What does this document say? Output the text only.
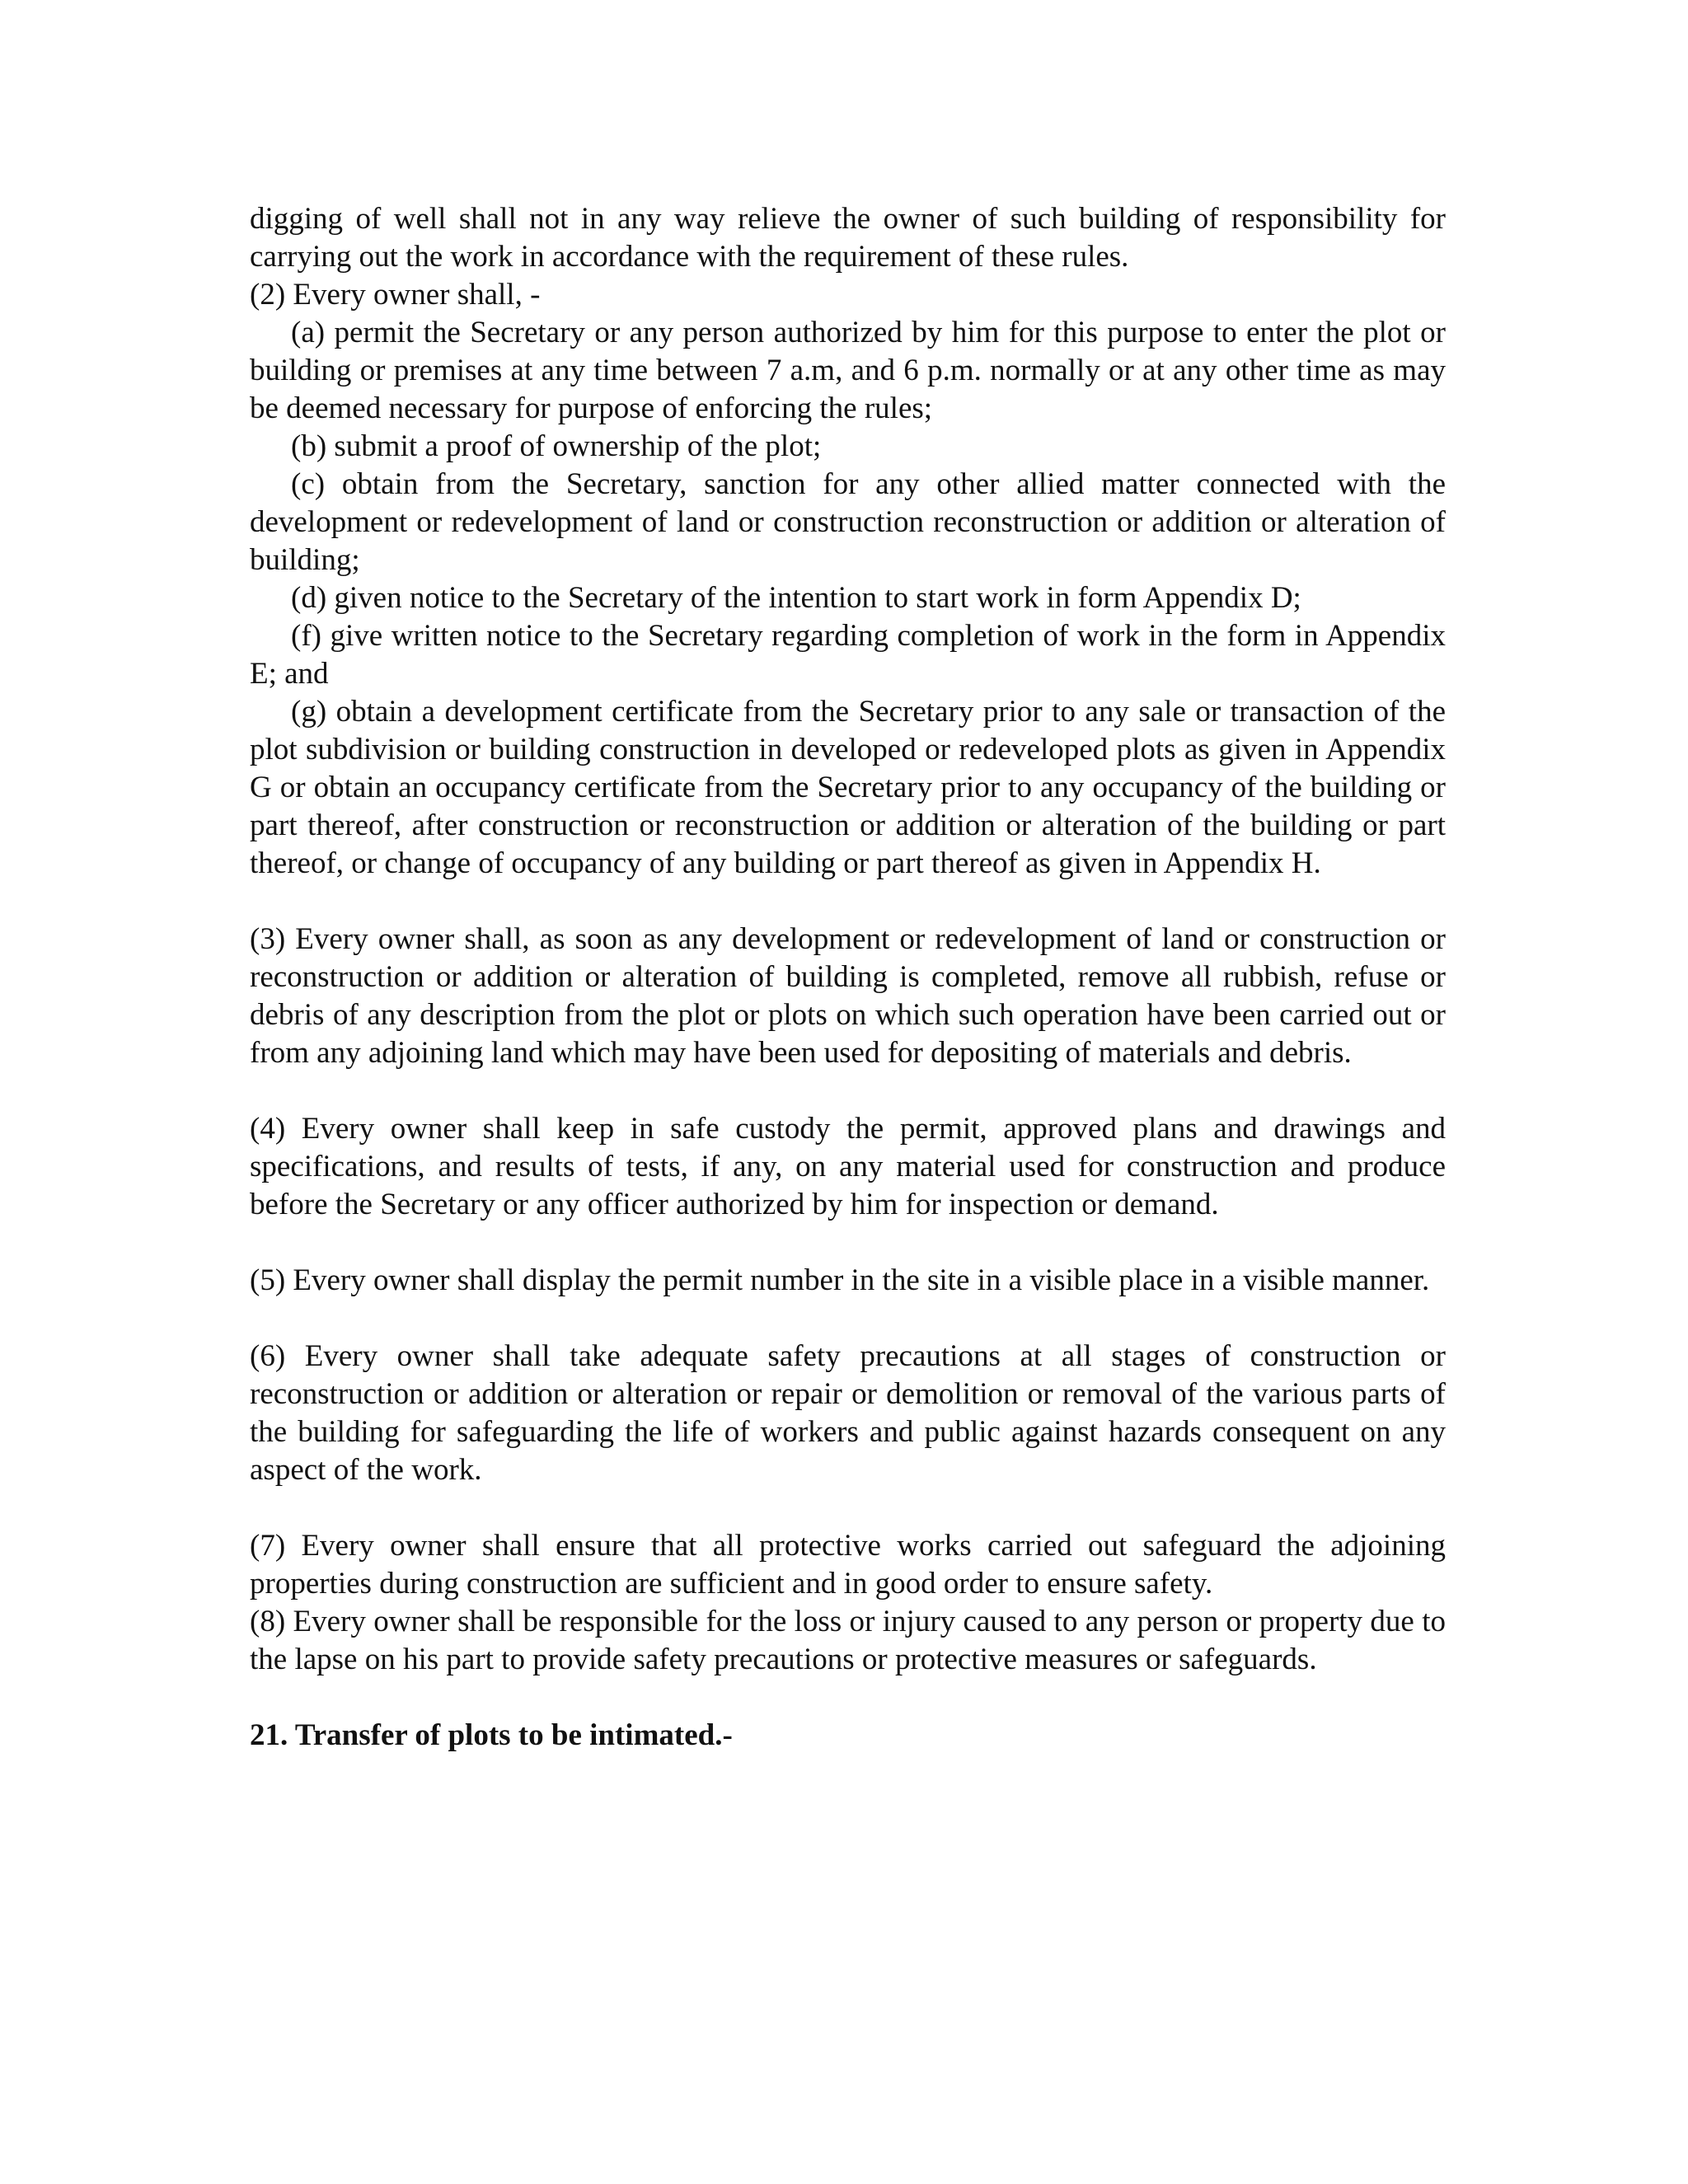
digging of well shall not in any way relieve the owner of such building of responsibility for carrying out the work in accordance with the requirement of these rules.

(2) Every owner shall, -

(a) permit the Secretary or any person authorized by him for this purpose to enter the plot or building or premises at any time between 7 a.m, and 6 p.m. normally or at any other time as may be deemed necessary for purpose of enforcing the rules;

(b) submit a proof of ownership of the plot;

(c) obtain from the Secretary, sanction for any other allied matter connected with the development or redevelopment of land or construction reconstruction or addition or alteration of building;

(d) given notice to the Secretary of the intention to start work in form Appendix D;

(f) give written notice to the Secretary regarding completion of work in the form in Appendix E; and

(g) obtain a development certificate from the Secretary prior to any sale or transaction of the plot subdivision or building construction in developed or redeveloped plots as given in Appendix G or obtain an occupancy certificate from the Secretary prior to any occupancy of the building or part thereof, after construction or reconstruction or addition or alteration of the building or part thereof, or change of occupancy of any building or part thereof as given in Appendix H.

(3) Every owner shall, as soon as any development or redevelopment of land or construction or reconstruction or addition or alteration of building is completed, remove all rubbish, refuse or debris of any description from the plot or plots on which such operation have been carried out or from any adjoining land which may have been used for depositing of materials and debris.

(4) Every owner shall keep in safe custody the permit, approved plans and drawings and specifications, and results of tests, if any, on any material used for construction and produce before the Secretary or any officer authorized by him for inspection or demand.

(5) Every owner shall display the permit number in the site in a visible place in a visible manner.

(6) Every owner shall take adequate safety precautions at all stages of construction or reconstruction or addition or alteration or repair or demolition or removal of the various parts of the building for safeguarding the life of workers and public against hazards consequent on any aspect of the work.

(7) Every owner shall ensure that all protective works carried out safeguard the adjoining properties during construction are sufficient and in good order to ensure safety.

(8) Every owner shall be responsible for the loss or injury caused to any person or property due to the lapse on his part to provide safety precautions or protective measures or safeguards.

21. Transfer of plots to be intimated.-
